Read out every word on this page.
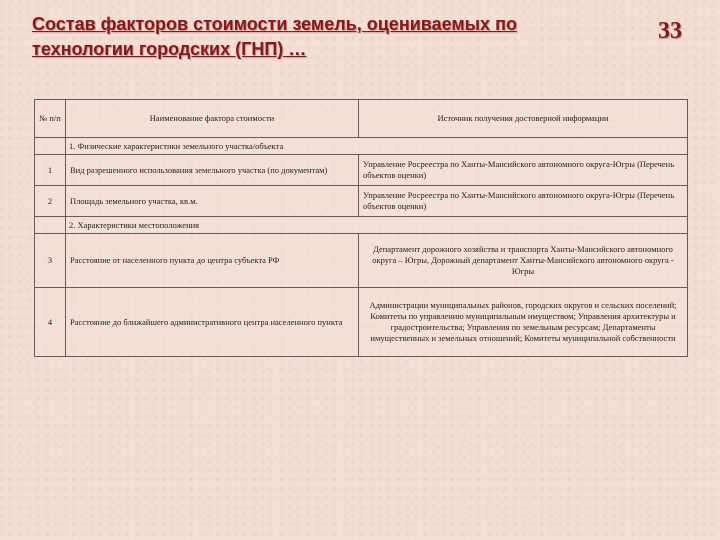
Состав факторов стоимости земель, оцениваемых по технологии городских (ГНП) …
33
№ п/п	Наименование фактора стоимости	Источник получения достоверной информации
	1. Физические характеристики земельного участка/объекта	
1	Вид разрешенного использования земельного участка (по документам)	Управление Росреестра по Ханты-Мансийского автономного округа-Югры (Перечень объектов оценки)
2	Площадь земельного участка, кв.м.	Управление Росреестра по Ханты-Мансийского автономного округа-Югры (Перечень объектов оценки)
	2. Характеристики местоположения	
3	Расстояние от населенного пункта до центра субъекта РФ	Департамент дорожного хозяйства и транспорта Ханты-Мансийского автономного округа – Югры, Дорожный департамент Ханты-Мансийского автономного округа - Югры
4	Расстояние до ближайшего административного центра населенного пункта	Администрации муниципальных районов, городских округов и сельских поселений; Комитеты по управлению муниципальным имуществом; Управления архитектуры и градостроительства; Управления по земельным ресурсам; Департаменты имущественных и земельных отношений; Комитеты муниципальной собственности
